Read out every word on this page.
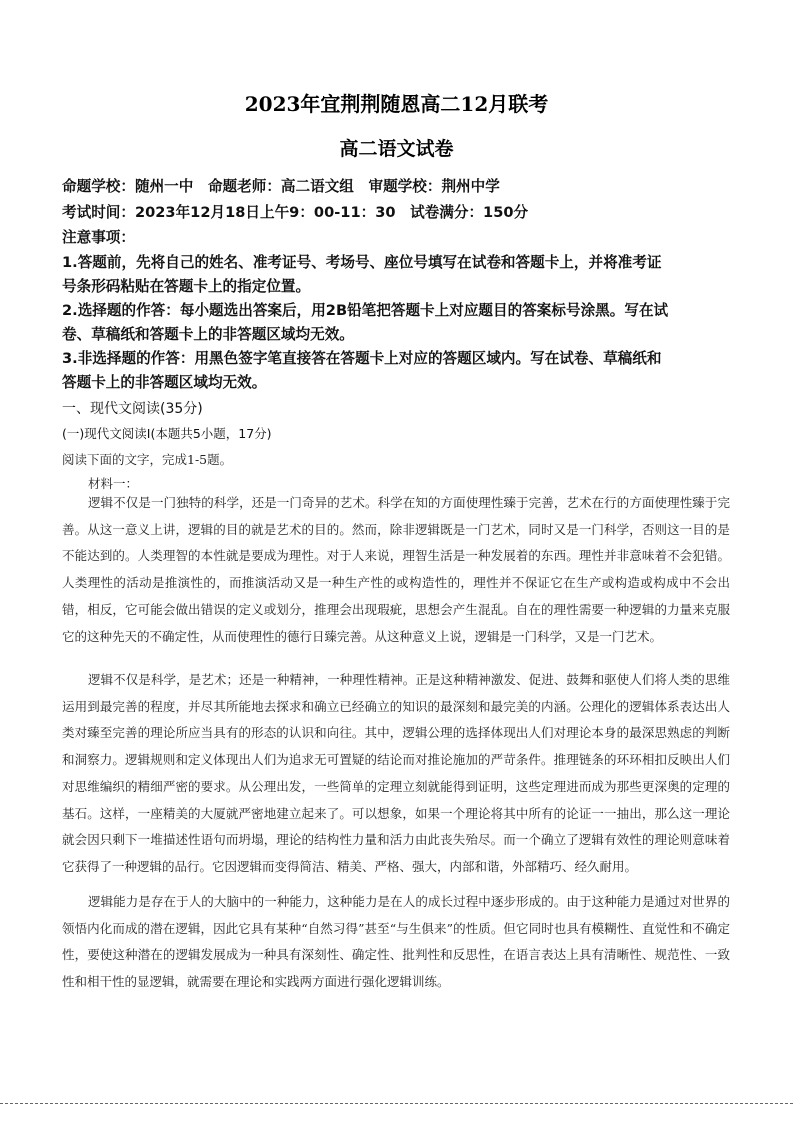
2023年宜荆荆随恩高二12月联考
高二语文试卷
命题学校：随州一中　命题老师：高二语文组　审题学校：荆州中学
考试时间：2023年12月18日上午9：00-11：30　试卷满分：150分
注意事项：
1.答题前，先将自己的姓名、准考证号、考场号、座位号填写在试卷和答题卡上，并将准考证
号条形码粘贴在答题卡上的指定位置。
2.选择题的作答：每小题选出答案后，用2B铅笔把答题卡上对应题目的答案标号涂黑。写在试
卷、草稿纸和答题卡上的非答题区域均无效。
3.非选择题的作答：用黑色签字笔直接答在答题卡上对应的答题区域内。写在试卷、草稿纸和
答题卡上的非答题区域均无效。
一、现代文阅读(35分)
(一)现代文阅读Ⅰ(本题共5小题，17分)
阅读下面的文字，完成1-5题。
材料一：

逻辑不仅是一门独特的科学，还是一门奇异的艺术。科学在知的方面使理性臻于完善，艺术在行的方面使理性臻于完善。从这一意义上讲，逻辑的目的就是艺术的目的。然而，除非逻辑既是一门艺术，同时又是一门科学，否则这一目的是不能达到的。人类理智的本性就是要成为理性。对于人来说，理智生活是一种发展着的东西。理性并非意味着不会犯错。人类理性的活动是推演性的，而推演活动又是一种生产性的或构造性的，理性并不保证它在生产或构造或构成中不会出错，相反，它可能会做出错误的定义或划分，推理会出现瑕疵，思想会产生混乱。自在的理性需要一种逻辑的力量来克服它的这种先天的不确定性，从而使理性的德行日臻完善。从这种意义上说，逻辑是一门科学，又是一门艺术。

逻辑不仅是科学，是艺术；还是一种精神，一种理性精神。正是这种精神激发、促进、鼓舞和驱使人们将人类的思维运用到最完善的程度，并尽其所能地去探求和确立已经确立的知识的最深刻和最完美的内涵。公理化的逻辑体系表达出人类对臻至完善的理论所应当具有的形态的认识和向往。其中，逻辑公理的选择体现出人们对理论本身的最深思熟虑的判断和洞察力。逻辑规则和定义体现出人们为追求无可置疑的结论而对推论施加的严苛条件。推理链条的环环相扣反映出人们对思维编织的精细严密的要求。从公理出发，一些简单的定理立刻就能得到证明，这些定理进而成为那些更深奥的定理的基石。这样，一座精美的大厦就严密地建立起来了。可以想象，如果一个理论将其中所有的论证一一抽出，那么这一理论就会因只剩下一堆描述性语句而坍塌，理论的结构性力量和活力由此丧失殆尽。而一个确立了逻辑有效性的理论则意味着它获得了一种逻辑的品行。它因逻辑而变得简洁、精美、严格、强大，内部和谐，外部精巧、经久耐用。

逻辑能力是存在于人的大脑中的一种能力，这种能力是在人的成长过程中逐步形成的。由于这种能力是通过对世界的领悟内化而成的潜在逻辑，因此它具有某种“自然习得”甚至“与生俱来”的性质。但它同时也具有模糊性、直觉性和不确定性，要使这种潜在的逻辑发展成为一种具有深刻性、确定性、批判性和反思性，在语言表达上具有清晰性、规范性、一致性和相干性的显逻辑，就需要在理论和实践两方面进行强化逻辑训练。
